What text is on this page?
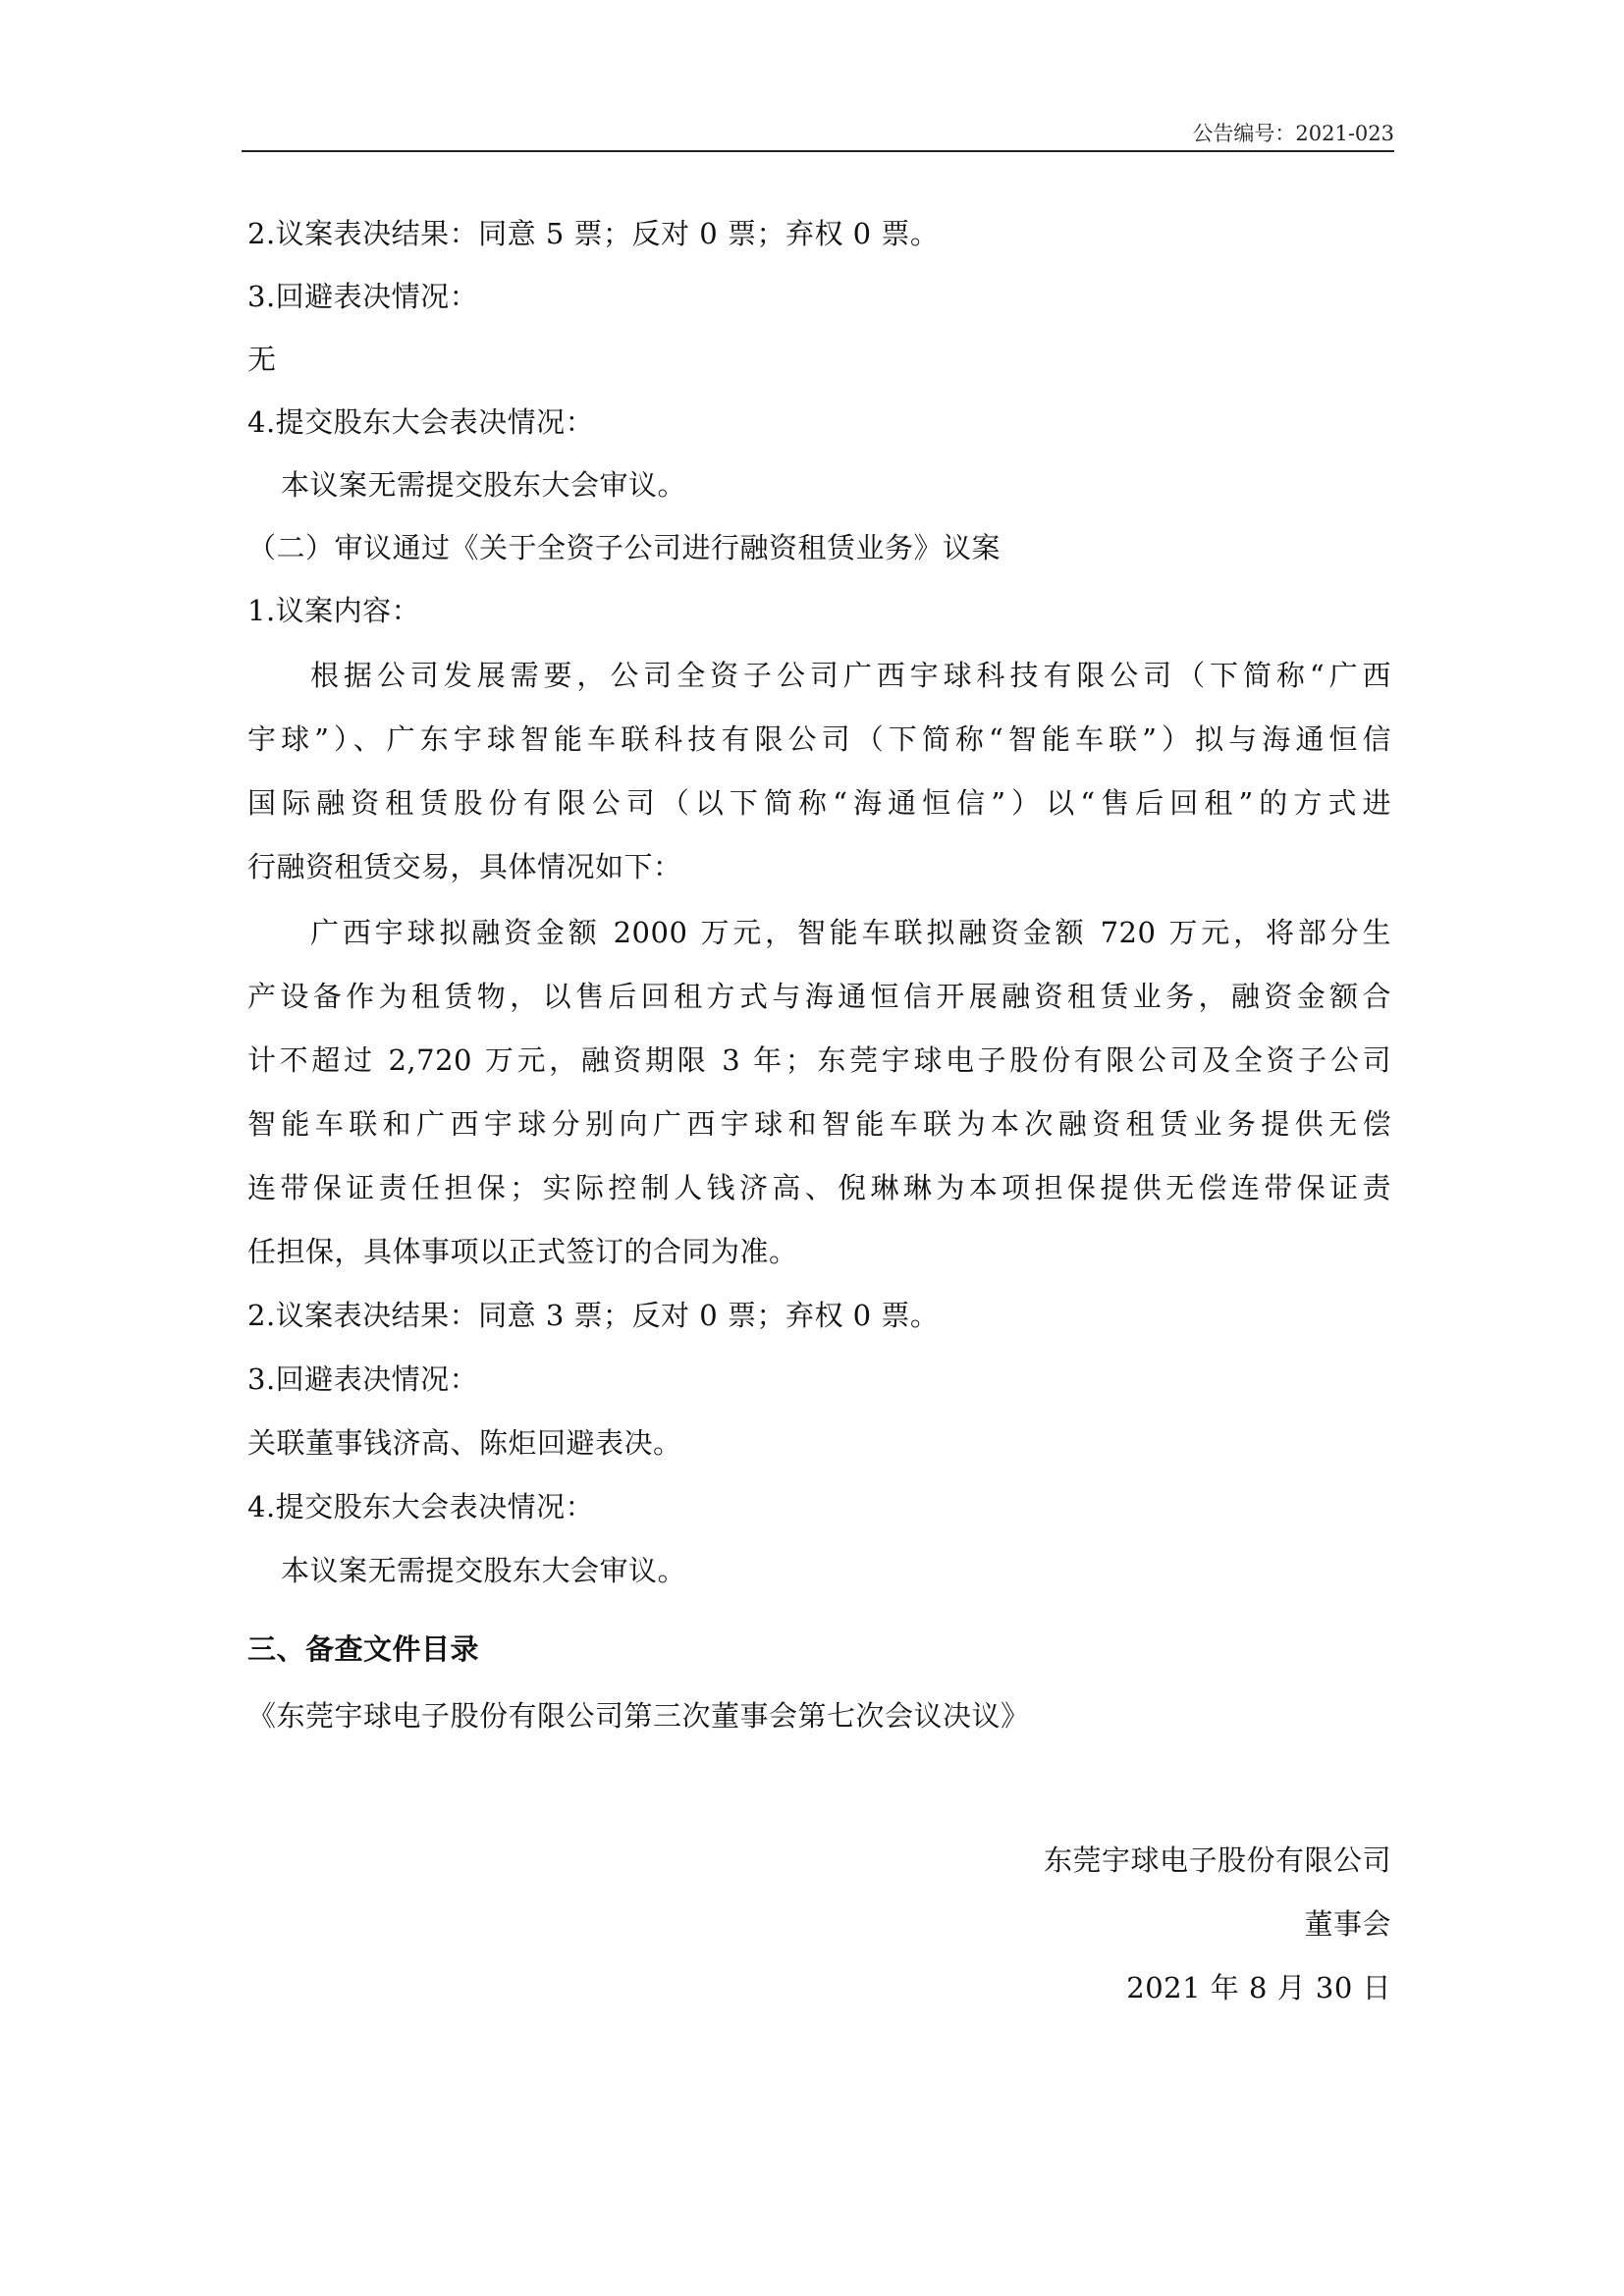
公告编号：2021-023
2.议案表决结果：同意 5 票；反对 0 票；弃权 0 票。
3.回避表决情况：
无
4.提交股东大会表决情况：
本议案无需提交股东大会审议。
（二）审议通过《关于全资子公司进行融资租赁业务》议案
1.议案内容：
根据公司发展需要，公司全资子公司广西宇球科技有限公司（下简称“广西
宇球”）、广东宇球智能车联科技有限公司（下简称“智能车联”）拟与海通恒信
国际融资租赁股份有限公司（以下简称“海通恒信”）以“售后回租”的方式进
行融资租赁交易，具体情况如下：
广西宇球拟融资金额 2000 万元，智能车联拟融资金额 720 万元，将部分生
产设备作为租赁物，以售后回租方式与海通恒信开展融资租赁业务，融资金额合
计不超过 2,720 万元，融资期限 3 年；东莞宇球电子股份有限公司及全资子公司
智能车联和广西宇球分别向广西宇球和智能车联为本次融资租赁业务提供无偿
连带保证责任担保；实际控制人钱济高、倪琳琳为本项担保提供无偿连带保证责
任担保，具体事项以正式签订的合同为准。
2.议案表决结果：同意 3 票；反对 0 票；弃权 0 票。
3.回避表决情况：
关联董事钱济高、陈炬回避表决。
4.提交股东大会表决情况：
本议案无需提交股东大会审议。
三、备查文件目录
《东莞宇球电子股份有限公司第三次董事会第七次会议决议》
东莞宇球电子股份有限公司
董事会
2021 年 8 月 30 日
